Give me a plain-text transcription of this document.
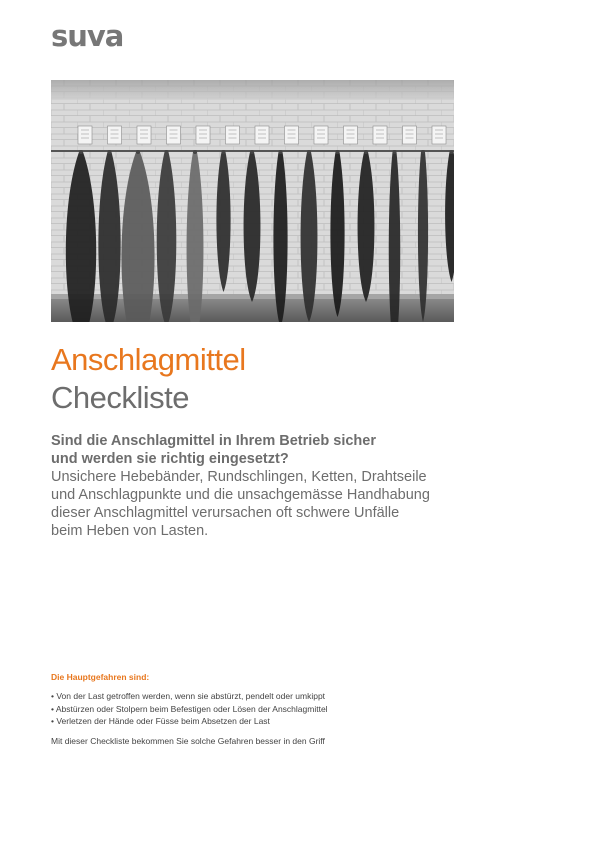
suva
Anschlagmittel
Checkliste
Sind die Anschlagmittel in Ihrem Betrieb sicher
und werden sie richtig eingesetzt?
Unsichere Hebebänder, Rundschlingen, Ketten, Drahtseile
und Anschlagpunkte und die unsachgemässe Handhabung
dieser Anschlagmittel verursachen oft schwere Unfälle
beim Heben von Lasten.
Die Hauptgefahren sind:
• Von der Last getroffen werden, wenn sie abstürzt, pendelt oder umkippt
• Abstürzen oder Stolpern beim Befestigen oder Lösen der Anschlagmittel
• Verletzen der Hände oder Füsse beim Absetzen der Last
Mit dieser Checkliste bekommen Sie solche Gefahren besser in den Griff
